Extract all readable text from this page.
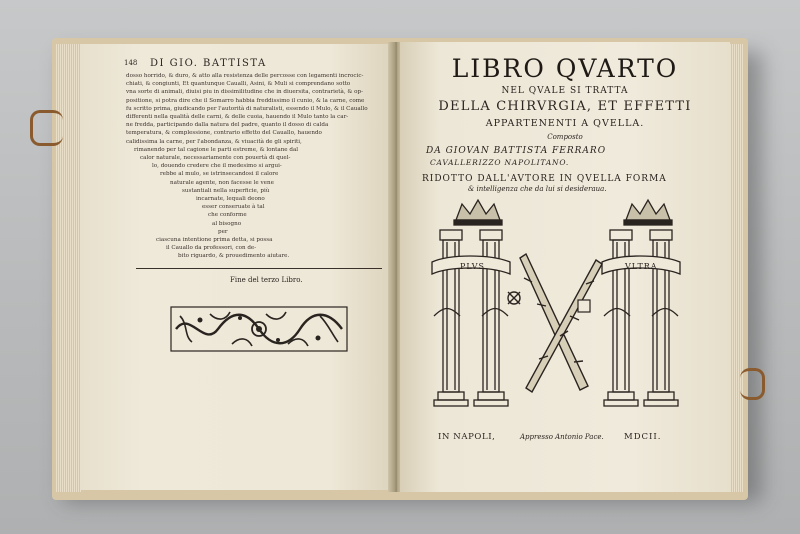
148 DI GIO. BATTISTA
dosso horrido, & duro, & atto alla resistenza delle percosse con legamenti incrocic-
chiati, & congiunti, Et quantunque Caualli, Asini, & Muli si comprendano sotto
vna sorte di animali, diuisi piu in dissimilitudine che in diuersita, contrarietà, & op-
positione, si potra dire che il Somarro habbia freddissimo il cunio, & la carne, come
fu scritto prima, giudicando per l'autorità di naturalisti, essendo il Mulo, & il Cauallo
differenti nella qualità delle carni, & delle cuoia, hauendo il Mulo tanto la car-
ne fredda, participando dalla natura del padre, quanto il dosso di calda
temperatura, & complessione, contrario effetto del Cauallo, hauendo
calidissima la carne, per l'abondanza, & viuacità de gli spiriti,
rimanendo per tal cagione le parti estreme, & lontane dal
calor naturale, necessariamente con pouertà di quel-
lo, douendo credere che il medesimo si argui-
rebbe al mulo, se istrinsecandosi il calore
naturale agente, non facesse le vene
sustantiali nella superficie, più
incarnate, lequali deono
esser conseruate à tal
che conforme
al bisogno
per
ciascuna intentione prima detta, si possa
il Cauallo da professori, con de-
bito riguardo, & prouedimento aiutare.
Fine del terzo Libro.
LIBRO QVARTO
NEL QVALE SI TRATTA
DELLA CHIRVRGIA, ET EFFETTI
APPARTENENTI A QVELLA.
Composto
DA GIOVAN BATTISTA FERRARO
CAVALLERIZZO NAPOLITANO.
RIDOTTO DALL'AVTORE IN QVELLA FORMA
& intelligenza che da lui si desideraua.
PLVS	VLTRA
IN NAPOLI,	Appresso Antonio Pace. MDCII.
